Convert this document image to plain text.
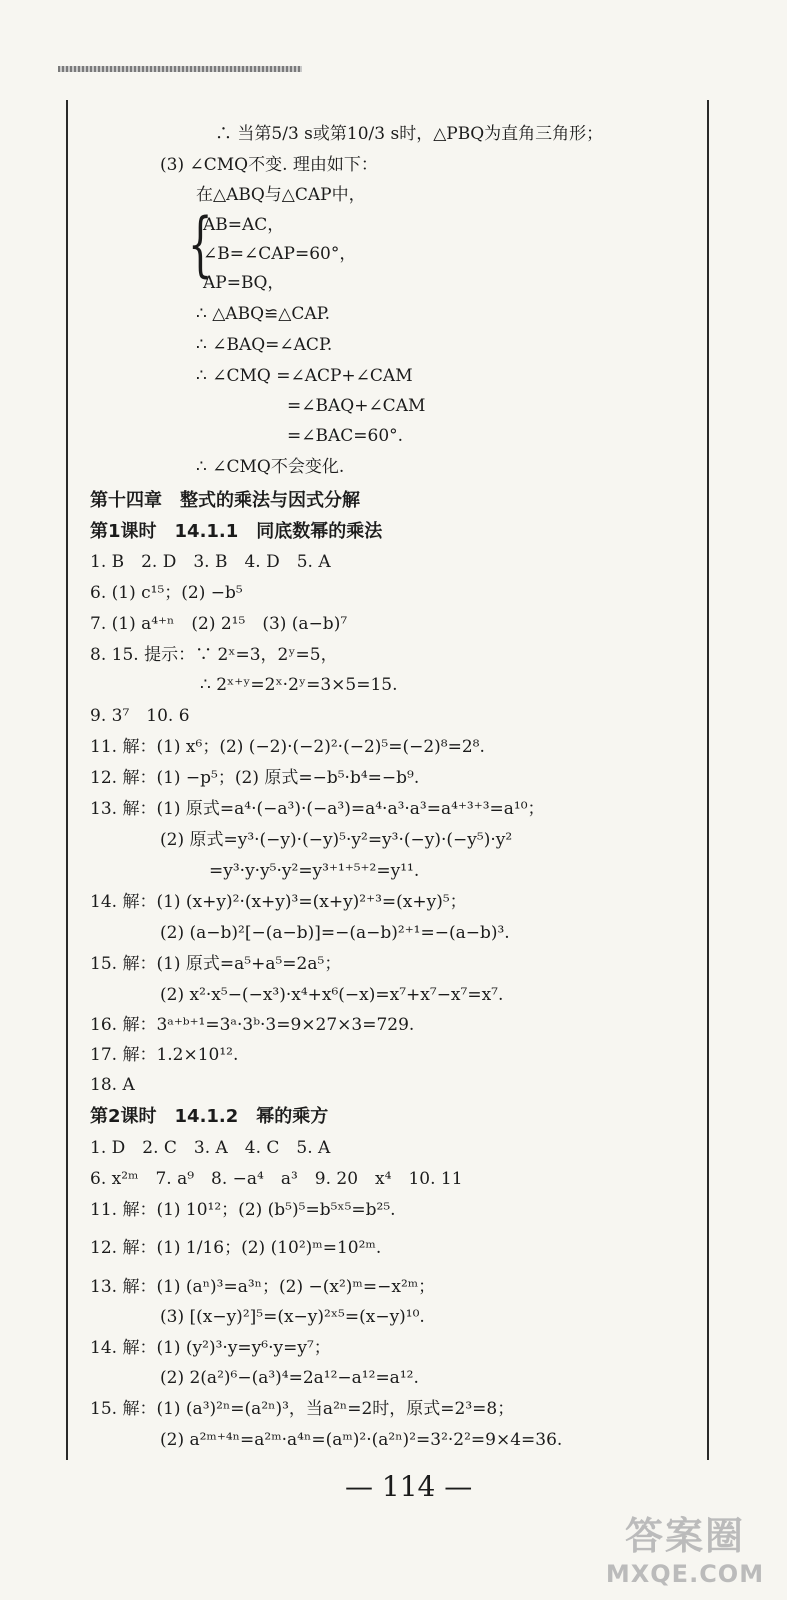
{
∴ 当第5/3 s或第10/3 s时，△PBQ为直角三角形；
(3) ∠CMQ不变. 理由如下：
在△ABQ与△CAP中，
AB=AC，
∠B=∠CAP=60°，
AP=BQ，
∴ △ABQ≌△CAP.
∴ ∠BAQ=∠ACP.
∴ ∠CMQ =∠ACP+∠CAM
=∠BAQ+∠CAM
=∠BAC=60°.
∴ ∠CMQ不会变化.
第十四章　整式的乘法与因式分解
第1课时　14.1.1　同底数幂的乘法
1. B　2. D　3. B　4. D　5. A
6. (1) c¹⁵；(2) −b⁵
7. (1) a⁴⁺ⁿ　(2) 2¹⁵　(3) (a−b)⁷
8. 15. 提示：∵ 2ˣ=3，2ʸ=5，
∴ 2ˣ⁺ʸ=2ˣ·2ʸ=3×5=15.
9. 3⁷　10. 6
11. 解：(1) x⁶；(2) (−2)·(−2)²·(−2)⁵=(−2)⁸=2⁸.
12. 解：(1) −p⁵；(2) 原式=−b⁵·b⁴=−b⁹.
13. 解：(1) 原式=a⁴·(−a³)·(−a³)=a⁴·a³·a³=a⁴⁺³⁺³=a¹⁰；
(2) 原式=y³·(−y)·(−y)⁵·y²=y³·(−y)·(−y⁵)·y²
=y³·y·y⁵·y²=y³⁺¹⁺⁵⁺²=y¹¹.
14. 解：(1) (x+y)²·(x+y)³=(x+y)²⁺³=(x+y)⁵；
(2) (a−b)²[−(a−b)]=−(a−b)²⁺¹=−(a−b)³.
15. 解：(1) 原式=a⁵+a⁵=2a⁵；
(2) x²·x⁵−(−x³)·x⁴+x⁶(−x)=x⁷+x⁷−x⁷=x⁷.
16. 解：3ᵃ⁺ᵇ⁺¹=3ᵃ·3ᵇ·3=9×27×3=729.
17. 解：1.2×10¹².
18. A
第2课时　14.1.2　幂的乘方
1. D　2. C　3. A　4. C　5. A
6. x²ᵐ　7. a⁹　8. −a⁴　a³　9. 20　x⁴　10. 11
11. 解：(1) 10¹²；(2) (b⁵)⁵=b⁵ˣ⁵=b²⁵.
12. 解：(1) 1/16；(2) (10²)ᵐ=10²ᵐ.
13. 解：(1) (aⁿ)³=a³ⁿ；(2) −(x²)ᵐ=−x²ᵐ；
(3) [(x−y)²]⁵=(x−y)²ˣ⁵=(x−y)¹⁰.
14. 解：(1) (y²)³·y=y⁶·y=y⁷；
(2) 2(a²)⁶−(a³)⁴=2a¹²−a¹²=a¹².
15. 解：(1) (a³)²ⁿ=(a²ⁿ)³，当a²ⁿ=2时，原式=2³=8；
(2) a²ᵐ⁺⁴ⁿ=a²ᵐ·a⁴ⁿ=(aᵐ)²·(a²ⁿ)²=3²·2²=9×4=36.
— 114 —
答案圈
MXQE.COM
